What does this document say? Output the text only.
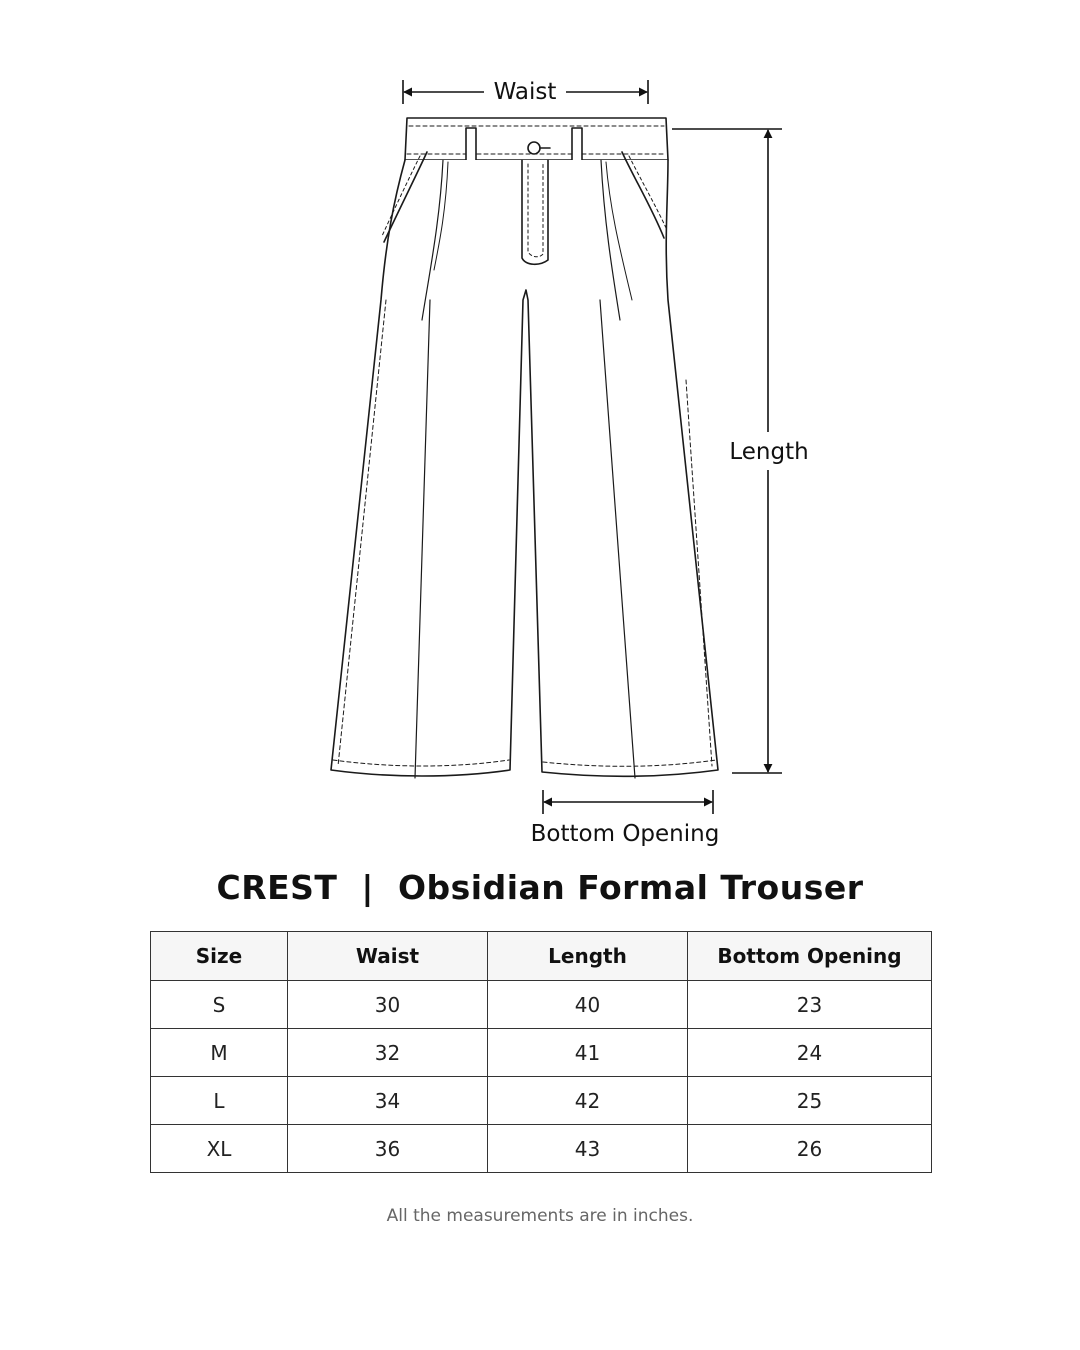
Waist
Length
Bottom Opening
CREST | Obsidian Formal Trouser
Size	Waist	Length	Bottom Opening
S	30	40	23
M	32	41	24
L	34	42	25
XL	36	43	26
All the measurements are in inches.
